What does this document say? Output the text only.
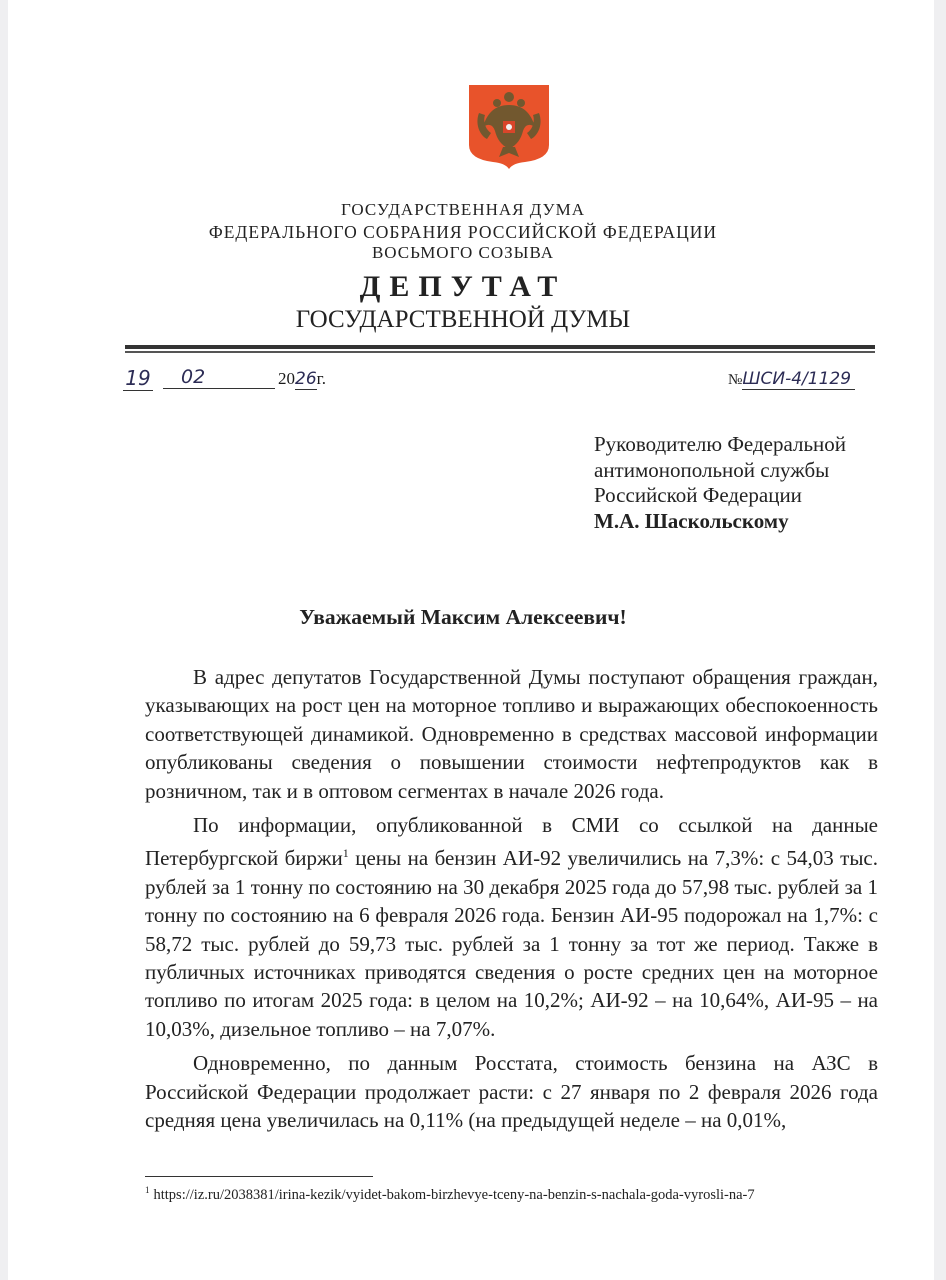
ГОСУДАРСТВЕННАЯ ДУМА
ФЕДЕРАЛЬНОГО СОБРАНИЯ РОССИЙСКОЙ ФЕДЕРАЦИИ
ВОСЬМОГО СОЗЫВА
ДЕПУТАТ
ГОСУДАРСТВЕННОЙ ДУМЫ
19	02	2026г.	№ШСИ-4/1129
Руководителю Федеральной
антимонопольной службы
Российской Федерации
М.А. Шаскольскому
Уважаемый Максим Алексеевич!

В адрес депутатов Государственной Думы поступают обращения граждан, указывающих на рост цен на моторное топливо и выражающих обеспокоенность соответствующей динамикой. Одновременно в средствах массовой информации опубликованы сведения о повышении стоимости нефтепродуктов как в розничном, так и в оптовом сегментах в начале 2026 года.

По информации, опубликованной в СМИ со ссылкой на данные Петербургской биржи$^1$ цены на бензин АИ-92 увеличились на 7,3%: с 54,03 тыс. рублей за 1 тонну по состоянию на 30 декабря 2025 года до 57,98 тыс. рублей за 1 тонну по состоянию на 6 февраля 2026 года. Бензин АИ-95 подорожал на 1,7%: с 58,72 тыс. рублей до 59,73 тыс. рублей за 1 тонну за тот же период. Также в публичных источниках приводятся сведения о росте средних цен на моторное топливо по итогам 2025 года: в целом на 10,2%; АИ-92 – на 10,64%, АИ-95 – на 10,03%, дизельное топливо – на 7,07%.

Одновременно, по данным Росстата, стоимость бензина на АЗС в Российской Федерации продолжает расти: с 27 января по 2 февраля 2026 года средняя цена увеличилась на 0,11% (на предыдущей неделе – на 0,01%,

$^1$ https://iz.ru/2038381/irina-kezik/vyidet-bakom-birzhevye-tceny-na-benzin-s-nachala-goda-vyrosli-na-7
